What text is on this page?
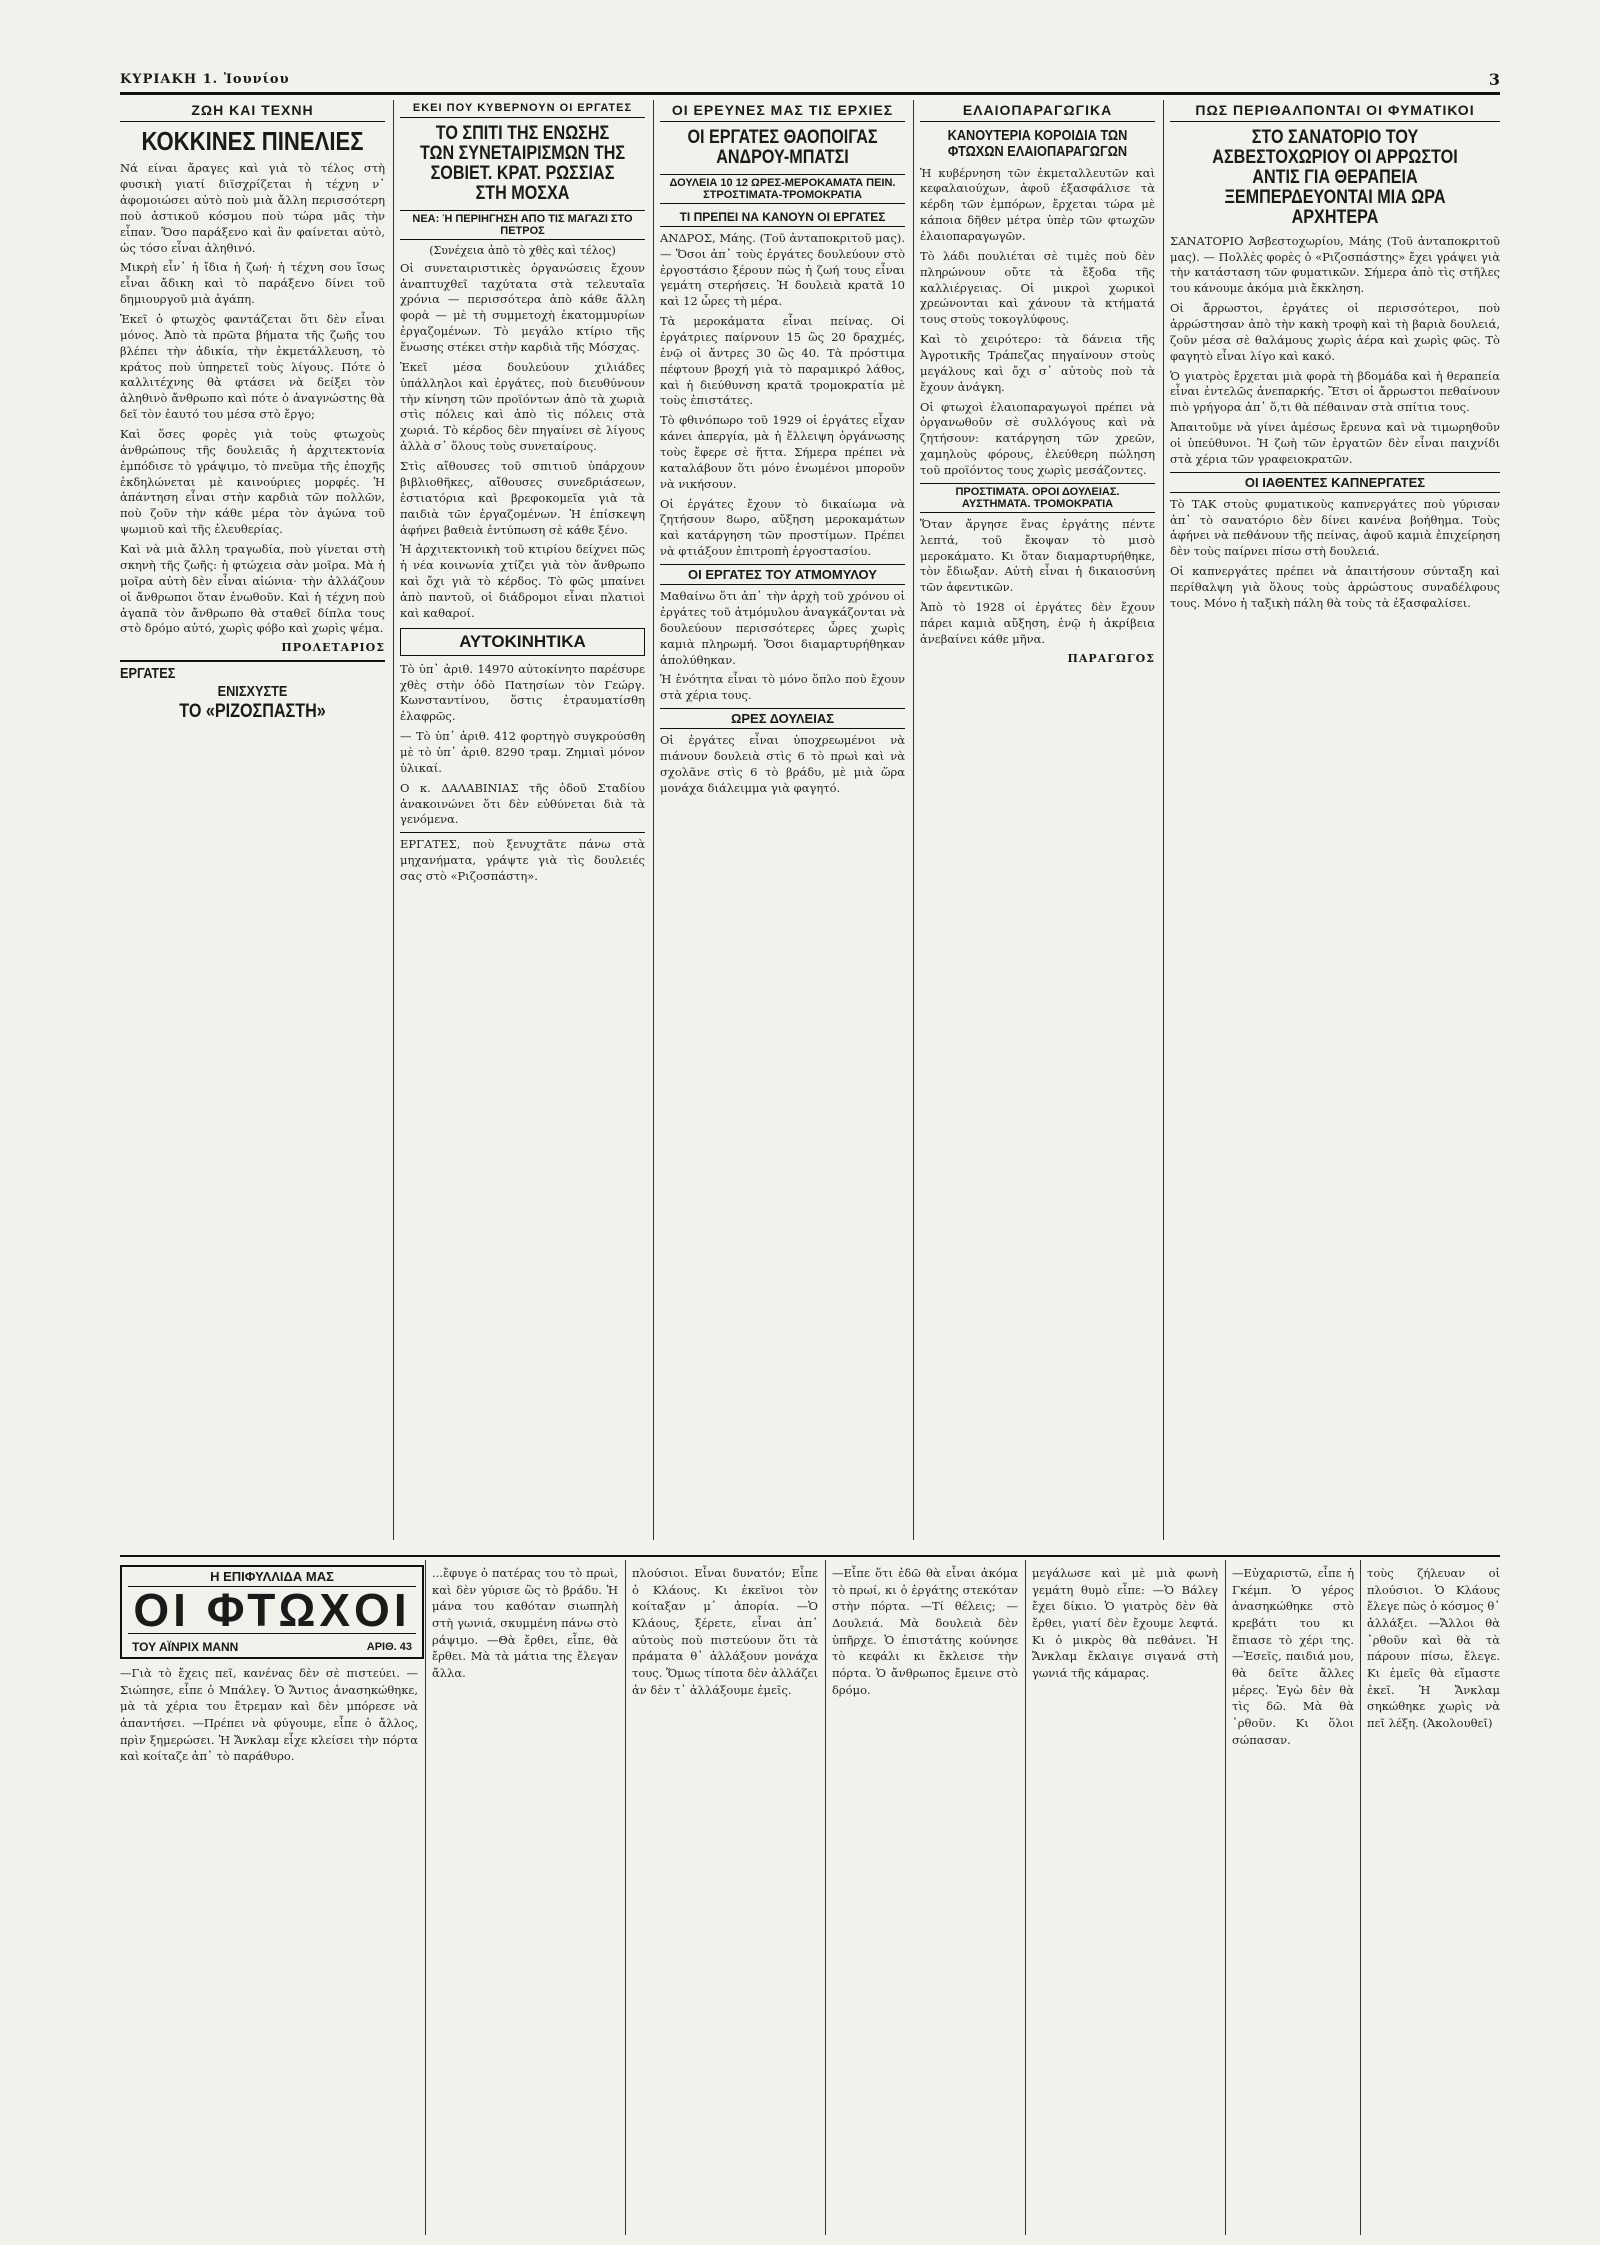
ΚΥΡΙΑΚΗ 1. Ἰουνίου	3
ΖΩΗ ΚΑΙ ΤΕΧΝΗ
ΚΟΚΚΙΝΕΣ ΠΙΝΕΛΙΕΣ

Νά είναι ἄραγες καὶ γιὰ τὸ τέλος στὴ φυσικὴ γιατί διϊσχρίζεται ἡ τέχνη ν᾽ ἀφομοιώσει αὐτὸ ποὺ μιὰ ἄλλη περισσότερη ποὺ ἀστικοῦ κόσμου ποὺ τώρα μᾶς τὴν εἶπαν. Ὅσο παράξενο καὶ ἂν φαίνεται αὐτὸ, ὡς τόσο εἶναι ἀληθινό.

Μικρὴ εἶν᾽ ἡ ἴδια ἡ ζωή· ἡ τέχνη σου ἴσως εἶναι ἄδικη καὶ τὸ παράξενο δίνει τοῦ δημιουργοῦ μιὰ ἀγάπη.

Ἐκεῖ ὁ φτωχὸς φαντάζεται ὅτι δὲν εἶναι μόνος. Ἀπὸ τὰ πρῶτα βήματα τῆς ζωῆς του βλέπει τὴν ἀδικία, τὴν ἐκμετάλλευση, τὸ κράτος ποὺ ὑπηρετεῖ τοὺς λίγους. Πότε ὁ καλλιτέχνης θὰ φτάσει νὰ δείξει τὸν ἀληθινὸ ἄνθρωπο καὶ πότε ὁ ἀναγνώστης θὰ δεῖ τὸν ἑαυτό του μέσα στὸ ἔργο;

Καὶ ὅσες φορὲς γιὰ τοὺς φτωχοὺς ἀνθρώπους τῆς δουλειᾶς ἡ ἀρχιτεκτονία ἐμπόδισε τὸ γράψιμο, τὸ πνεῦμα τῆς ἐποχῆς ἐκδηλώνεται μὲ καινούριες μορφές. Ἡ ἀπάντηση εἶναι στὴν καρδιὰ τῶν πολλῶν, ποὺ ζοῦν τὴν κάθε μέρα τὸν ἀγώνα τοῦ ψωμιοῦ καὶ τῆς ἐλευθερίας.

Καὶ νὰ μιὰ ἄλλη τραγωδία, ποὺ γίνεται στὴ σκηνὴ τῆς ζωῆς: ἡ φτώχεια σὰν μοῖρα. Μὰ ἡ μοῖρα αὐτὴ δὲν εἶναι αἰώνια· τὴν ἀλλάζουν οἱ ἄνθρωποι ὅταν ἑνωθοῦν. Καὶ ἡ τέχνη ποὺ ἀγαπᾶ τὸν ἄνθρωπο θὰ σταθεῖ δίπλα τους στὸ δρόμο αὐτό, χωρὶς φόβο καὶ χωρὶς ψέμα.

ΠΡΟΛΕΤΑΡΙΟΣ
ΕΡΓΑΤΕΣ
ΕΝΙΣΧΥΣΤΕ
ΤΟ «ΡΙΖΟΣΠΑΣΤΗ»
ΕΚΕΙ ΠΟΥ ΚΥΒΕΡΝΟΥΝ ΟΙ ΕΡΓΑΤΕΣ
ΤΟ ΣΠΙΤΙ ΤΗΣ ΕΝΩΣΗΣ ΤΩΝ ΣΥΝΕΤΑΙΡΙΣΜΩΝ ΤΗΣ ΣΟΒΙΕΤ. ΚΡΑΤ. ΡΩΣΣΙΑΣ ΣΤΗ ΜΟΣΧΑ
ΝΕΑ: Ή ΠΕΡΙΗΓΗΣΗ ΑΠΟ ΤΙΣ ΜΑΓΑΖΙ ΣΤΟ ΠΕΤΡΟΣ
(Συνέχεια ἀπὸ τὸ χθὲς καὶ τέλος)

Οἱ συνεταιριστικὲς ὀργανώσεις ἔχουν ἀναπτυχθεῖ ταχύτατα στὰ τελευταῖα χρόνια — περισσότερα ἀπὸ κάθε ἄλλη φορὰ — μὲ τὴ συμμετοχὴ ἑκατομμυρίων ἐργαζομένων. Τὸ μεγάλο κτίριο τῆς ἕνωσης στέκει στὴν καρδιὰ τῆς Μόσχας.

Ἐκεῖ μέσα δουλεύουν χιλιάδες ὑπάλληλοι καὶ ἐργάτες, ποὺ διευθύνουν τὴν κίνηση τῶν προϊόντων ἀπὸ τὰ χωριὰ στὶς πόλεις καὶ ἀπὸ τὶς πόλεις στὰ χωριά. Τὸ κέρδος δὲν πηγαίνει σὲ λίγους ἀλλὰ σ᾽ ὅλους τοὺς συνεταίρους.

Στὶς αἴθουσες τοῦ σπιτιοῦ ὑπάρχουν βιβλιοθῆκες, αἴθουσες συνεδριάσεων, ἐστιατόρια καὶ βρεφοκομεῖα γιὰ τὰ παιδιὰ τῶν ἐργαζομένων. Ἡ ἐπίσκεψη ἀφήνει βαθειὰ ἐντύπωση σὲ κάθε ξένο.

Ἡ ἀρχιτεκτονικὴ τοῦ κτιρίου δείχνει πῶς ἡ νέα κοινωνία χτίζει γιὰ τὸν ἄνθρωπο καὶ ὄχι γιὰ τὸ κέρδος. Τὸ φῶς μπαίνει ἀπὸ παντοῦ, οἱ διάδρομοι εἶναι πλατιοὶ καὶ καθαροί.

ΑΥΤΟΚΙΝΗΤΙΚΑ

Τὸ ὑπ᾽ ἀριθ. 14970 αὐτοκίνητο παρέσυρε χθὲς στὴν ὁδὸ Πατησίων τὸν Γεώργ. Κωνσταντίνου, ὅστις ἐτραυματίσθη ἐλαφρῶς.

— Τὸ ὑπ᾽ ἀριθ. 412 φορτηγὸ συγκρούσθη μὲ τὸ ὑπ᾽ ἀριθ. 8290 τραμ. Ζημιαὶ μόνον ὑλικαί.

Ο κ. ΔΑΛΑΒΙΝΙΑΣ τῆς ὁδοῦ Σταδίου ἀνακοινώνει ὅτι δὲν εὐθύνεται διὰ τὰ γενόμενα.

ΕΡΓΑΤΕΣ, ποὺ ξενυχτᾶτε πάνω στὰ μηχανήματα, γράψτε γιὰ τὶς δουλειές σας στὸ «Ριζοσπάστη».

ΟΙ ΕΡΕΥΝΕΣ ΜΑΣ ΤΙΣ ΕΡΧΙΕΣ
ΟΙ ΕΡΓΑΤΕΣ ΘΑΟΠΟΙΓΑΣ ΑΝΔΡΟΥ-ΜΠΑΤΣΙ
ΔΟΥΛΕΙΑ 10 12 ΩΡΕΣ-ΜΕΡΟΚΑΜΑΤΑ ΠΕΙΝ. ΣΤΡΟΣΤΙΜΑΤΑ-ΤΡΟΜΟΚΡΑΤΙΑ
ΤΙ ΠΡΕΠΕΙ ΝΑ ΚΑΝΟΥΝ ΟΙ ΕΡΓΑΤΕΣ

ΑΝΔΡΟΣ, Μάης. (Τοῦ ἀνταποκριτοῦ μας). — Ὅσοι ἀπ᾽ τοὺς ἐργάτες δουλεύουν στὸ ἐργοστάσιο ξέρουν πὼς ἡ ζωή τους εἶναι γεμάτη στερήσεις. Ἡ δουλειὰ κρατᾶ 10 καὶ 12 ὧρες τὴ μέρα.

Τὰ μεροκάματα εἶναι πείνας. Οἱ ἐργάτριες παίρνουν 15 ὣς 20 δραχμές, ἐνῷ οἱ ἄντρες 30 ὣς 40. Τὰ πρόστιμα πέφτουν βροχή γιὰ τὸ παραμικρό λάθος, καὶ ἡ διεύθυνση κρατᾶ τρομοκρατία μὲ τοὺς ἐπιστάτες.

Τὸ φθινόπωρο τοῦ 1929 οἱ ἐργάτες εἶχαν κάνει ἀπεργία, μὰ ἡ ἔλλειψη ὀργάνωσης τοὺς ἔφερε σὲ ἥττα. Σήμερα πρέπει νὰ καταλάβουν ὅτι μόνο ἑνωμένοι μποροῦν νὰ νικήσουν.

Οἱ ἐργάτες ἔχουν τὸ δικαίωμα νὰ ζητήσουν 8ωρο, αὔξηση μεροκαμάτων καὶ κατάργηση τῶν προστίμων. Πρέπει νὰ φτιάξουν ἐπιτροπὴ ἐργοστασίου.

ΟΙ ΕΡΓΑΤΕΣ ΤΟΥ ΑΤΜΟΜΥΛΟΥ

Μαθαίνω ὅτι ἀπ᾽ τὴν ἀρχὴ τοῦ χρόνου οἱ ἐργάτες τοῦ ἀτμόμυλου ἀναγκάζονται νὰ δουλεύουν περισσότερες ὧρες χωρὶς καμιὰ πληρωμή. Ὅσοι διαμαρτυρήθηκαν ἀπολύθηκαν.

Ἡ ἑνότητα εἶναι τὸ μόνο ὅπλο ποὺ ἔχουν στὰ χέρια τους.

ΩΡΕΣ ΔΟΥΛΕΙΑΣ

Οἱ ἐργάτες εἶναι ὑποχρεωμένοι νὰ πιάνουν δουλειὰ στὶς 6 τὸ πρωὶ καὶ νὰ σχολᾶνε στὶς 6 τὸ βράδυ, μὲ μιὰ ὥρα μονάχα διάλειμμα γιὰ φαγητό.

ΕΛΑΙΟΠΑΡΑΓΩΓΙΚΑ
ΚΑΝΟΥΤΕΡΙΑ ΚΟΡΟΙΔΙΑ ΤΩΝ ΦΤΩΧΩΝ ΕΛΑΙΟΠΑΡΑΓΩΓΩΝ

Ἡ κυβέρνηση τῶν ἐκμεταλλευτῶν καὶ κεφαλαιούχων, ἀφοῦ ἐξασφάλισε τὰ κέρδη τῶν ἐμπόρων, ἔρχεται τώρα μὲ κάποια δῆθεν μέτρα ὑπὲρ τῶν φτωχῶν ἐλαιοπαραγωγῶν.

Τὸ λάδι πουλιέται σὲ τιμὲς ποὺ δὲν πληρώνουν οὔτε τὰ ἔξοδα τῆς καλλιέργειας. Οἱ μικροὶ χωρικοὶ χρεώνονται καὶ χάνουν τὰ κτήματά τους στοὺς τοκογλύφους.

Καὶ τὸ χειρότερο: τὰ δάνεια τῆς Ἀγροτικῆς Τράπεζας πηγαίνουν στοὺς μεγάλους καὶ ὄχι σ᾽ αὐτοὺς ποὺ τὰ ἔχουν ἀνάγκη.

Οἱ φτωχοὶ ἐλαιοπαραγωγοὶ πρέπει νὰ ὀργανωθοῦν σὲ συλλόγους καὶ νὰ ζητήσουν: κατάργηση τῶν χρεῶν, χαμηλοὺς φόρους, ἐλεύθερη πώληση τοῦ προϊόντος τους χωρὶς μεσάζοντες.

ΠΡΟΣΤΙΜΑΤΑ. ΟΡΟΙ ΔΟΥΛΕΙΑΣ. ΑΥΣΤΗΜΑΤΑ. ΤΡΟΜΟΚΡΑΤΙΑ

Ὅταν ἄργησε ἕνας ἐργάτης πέντε λεπτά, τοῦ ἔκοψαν τὸ μισὸ μεροκάματο. Κι ὅταν διαμαρτυρήθηκε, τὸν ἔδιωξαν. Αὐτὴ εἶναι ἡ δικαιοσύνη τῶν ἀφεντικῶν.

Ἀπὸ τὸ 1928 οἱ ἐργάτες δὲν ἔχουν πάρει καμιὰ αὔξηση, ἐνῷ ἡ ἀκρίβεια ἀνεβαίνει κάθε μῆνα.

ΠΑΡΑΓΩΓΟΣ
ΠΩΣ ΠΕΡΙΘΑΛΠΟΝΤΑΙ ΟΙ ΦΥΜΑΤΙΚΟΙ
ΣΤΟ ΣΑΝΑΤΟΡΙΟ ΤΟΥ ΑΣΒΕΣΤΟΧΩΡΙΟΥ ΟΙ ΑΡΡΩΣΤΟΙ ΑΝΤΙΣ ΓΙΑ ΘΕΡΑΠΕΙΑ ΞΕΜΠΕΡΔΕΥΟΝΤΑΙ ΜΙΑ ΩΡΑ ΑΡΧΗΤΕΡΑ

ΣΑΝΑΤΟΡΙΟ Ἀσβεστοχωρίου, Μάης (Τοῦ ἀνταποκριτοῦ μας). — Πολλὲς φορὲς ὁ «Ριζοσπάστης» ἔχει γράψει γιὰ τὴν κατάσταση τῶν φυματικῶν. Σήμερα ἀπὸ τὶς στῆλες του κάνουμε ἀκόμα μιὰ ἔκκληση.

Οἱ ἄρρωστοι, ἐργάτες οἱ περισσότεροι, ποὺ ἀρρώστησαν ἀπὸ τὴν κακὴ τροφὴ καὶ τὴ βαριὰ δουλειά, ζοῦν μέσα σὲ θαλάμους χωρὶς ἀέρα καὶ χωρὶς φῶς. Τὸ φαγητὸ εἶναι λίγο καὶ κακό.

Ὁ γιατρὸς ἔρχεται μιὰ φορὰ τὴ βδομάδα καὶ ἡ θεραπεία εἶναι ἐντελῶς ἀνεπαρκής. Ἔτσι οἱ ἄρρωστοι πεθαίνουν πιὸ γρήγορα ἀπ᾽ ὅ,τι θὰ πέθαιναν στὰ σπίτια τους.

Ἀπαιτοῦμε νὰ γίνει ἀμέσως ἔρευνα καὶ νὰ τιμωρηθοῦν οἱ ὑπεύθυνοι. Ἡ ζωὴ τῶν ἐργατῶν δὲν εἶναι παιχνίδι στὰ χέρια τῶν γραφειοκρατῶν.

ΟΙ ΙΑΘΕΝΤΕΣ ΚΑΠΝΕΡΓΑΤΕΣ

Τὸ ΤΑΚ στοὺς φυματικοὺς καπνεργάτες ποὺ γύρισαν ἀπ᾽ τὸ σανατόριο δὲν δίνει κανένα βοήθημα. Τοὺς ἀφήνει νὰ πεθάνουν τῆς πείνας, ἀφοῦ καμιὰ ἐπιχείρηση δὲν τοὺς παίρνει πίσω στὴ δουλειά.

Οἱ καπνεργάτες πρέπει νὰ ἀπαιτήσουν σύνταξη καὶ περίθαλψη γιὰ ὅλους τοὺς ἀρρώστους συναδέλφους τους. Μόνο ἡ ταξικὴ πάλη θὰ τοὺς τὰ ἐξασφαλίσει.

Η ΕΠΙΦΥΛΛΙΔΑ ΜΑΣ
ΟΙ ΦΤΩΧΟΙ
ΤΟΥ ΑΪΝΡΙΧ ΜΑΝΝ	ΑΡΙΘ. 43

—Γιὰ τὸ ἔχεις πεῖ, κανένας δὲν σὲ πιστεύει. —Σιώπησε, εἶπε ὁ Μπάλεγ. Ὁ Ἄντιος ἀνασηκώθηκε, μὰ τὰ χέρια του ἔτρεμαν καὶ δὲν μπόρεσε νὰ ἀπαντήσει. —Πρέπει νὰ φύγουμε, εἶπε ὁ ἄλλος, πρὶν ξημερώσει. Ἡ Ἄνκλαμ εἶχε κλείσει τὴν πόρτα καὶ κοίταζε ἀπ᾽ τὸ παράθυρο.

...ἔφυγε ὁ πατέρας του τὸ πρωὶ, καὶ δὲν γύρισε ὣς τὸ βράδυ. Ἡ μάνα του καθόταν σιωπηλὴ στὴ γωνιά, σκυμμένη πάνω στὸ ράψιμο. —Θὰ ἔρθει, εἶπε, θὰ ἔρθει. Μὰ τὰ μάτια της ἔλεγαν ἄλλα.

πλούσιοι. Εἶναι δυνατόν; Εἶπε ὁ Κλάους. Κι ἐκεῖνοι τὸν κοίταξαν μ᾽ ἀπορία. —Ὁ Κλάους, ξέρετε, εἶναι ἀπ᾽ αὐτοὺς ποὺ πιστεύουν ὅτι τὰ πράματα θ᾽ ἀλλάξουν μονάχα τους. Ὅμως τίποτα δὲν ἀλλάζει ἀν δὲν τ᾽ ἀλλάξουμε ἐμεῖς.

—Εἶπε ὅτι ἐδῶ θὰ εἶναι ἀκόμα τὸ πρωί, κι ὁ ἐργάτης στεκόταν στὴν πόρτα. —Τί θέλεις; —Δουλειά. Μὰ δουλειὰ δὲν ὑπῆρχε. Ὁ ἐπιστάτης κούνησε τὸ κεφάλι κι ἔκλεισε τὴν πόρτα. Ὁ ἄνθρωπος ἔμεινε στὸ δρόμο.

μεγάλωσε καὶ μὲ μιὰ φωνὴ γεμάτη θυμὸ εἶπε: —Ὁ Βάλεγ ἔχει δίκιο. Ὁ γιατρὸς δὲν θὰ ἔρθει, γιατί δὲν ἔχουμε λεφτά. Κι ὁ μικρὸς θὰ πεθάνει. Ἡ Ἄνκλαμ ἔκλαιγε σιγανά στὴ γωνιά τῆς κάμαρας.

—Εὐχαριστῶ, εἶπε ἡ Γκέμπ. Ὁ γέρος ἀνασηκώθηκε στὸ κρεβάτι του κι ἔπιασε τὸ χέρι της. —Ἐσεῖς, παιδιά μου, θὰ δεῖτε ἄλλες μέρες. Ἐγὼ δὲν θὰ τὶς δῶ. Μὰ θὰ ᾽ρθοῦν. Κι ὅλοι σώπασαν.

τοὺς ζήλευαν οἱ πλούσιοι. Ὁ Κλάους ἔλεγε πὼς ὁ κόσμος θ᾽ ἀλλάξει. —Ἄλλοι θὰ ᾽ρθοῦν καὶ θὰ τὰ πάρουν πίσω, ἔλεγε. Κι ἐμεῖς θὰ εἴμαστε ἐκεῖ. Ἡ Ἄνκλαμ σηκώθηκε χωρὶς νὰ πεῖ λέξη. (Ἀκολουθεῖ)
